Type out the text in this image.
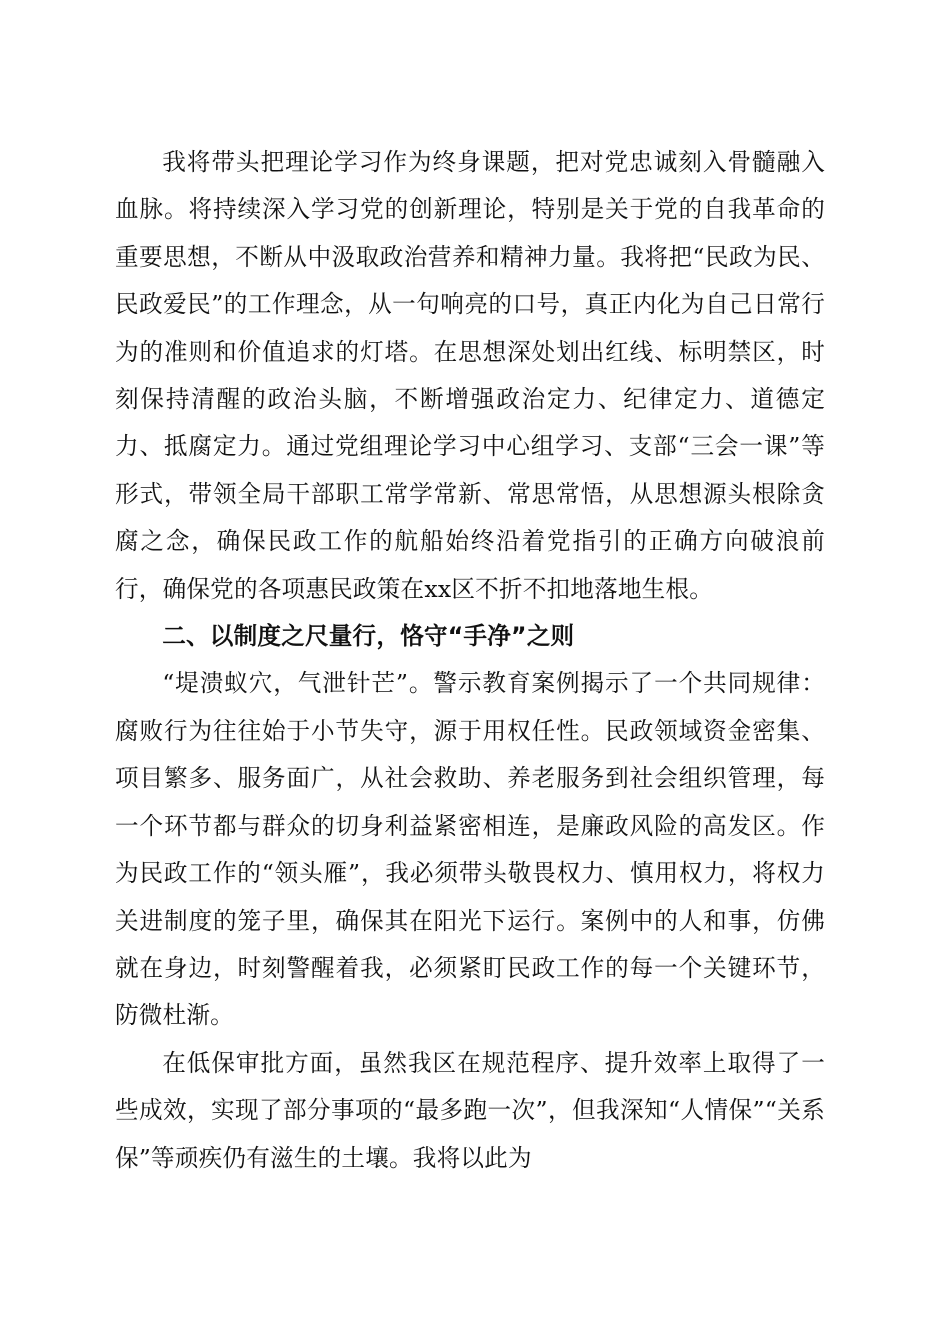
我将带头把理论学习作为终身课题，把对党忠诚刻入骨髓融入血脉。将持续深入学习党的创新理论，特别是关于党的自我革命的重要思想，不断从中汲取政治营养和精神力量。我将把“民政为民、民政爱民”的工作理念，从一句响亮的口号，真正内化为自己日常行为的准则和价值追求的灯塔。在思想深处划出红线、标明禁区，时刻保持清醒的政治头脑，不断增强政治定力、纪律定力、道德定力、抵腐定力。通过党组理论学习中心组学习、支部“三会一课”等形式，带领全局干部职工常学常新、常思常悟，从思想源头根除贪腐之念，确保民政工作的航船始终沿着党指引的正确方向破浪前行，确保党的各项惠民政策在xx区不折不扣地落地生根。

二、以制度之尺量行，恪守“手净”之则

“堤溃蚁穴，气泄针芒”。警示教育案例揭示了一个共同规律：腐败行为往往始于小节失守，源于用权任性。民政领域资金密集、项目繁多、服务面广，从社会救助、养老服务到社会组织管理，每一个环节都与群众的切身利益紧密相连，是廉政风险的高发区。作为民政工作的“领头雁”，我必须带头敬畏权力、慎用权力，将权力关进制度的笼子里，确保其在阳光下运行。案例中的人和事，仿佛就在身边，时刻警醒着我，必须紧盯民政工作的每一个关键环节，防微杜渐。

在低保审批方面，虽然我区在规范程序、提升效率上取得了一些成效，实现了部分事项的“最多跑一次”，但我深知“人情保”“关系保”等顽疾仍有滋生的土壤。我将以此为
